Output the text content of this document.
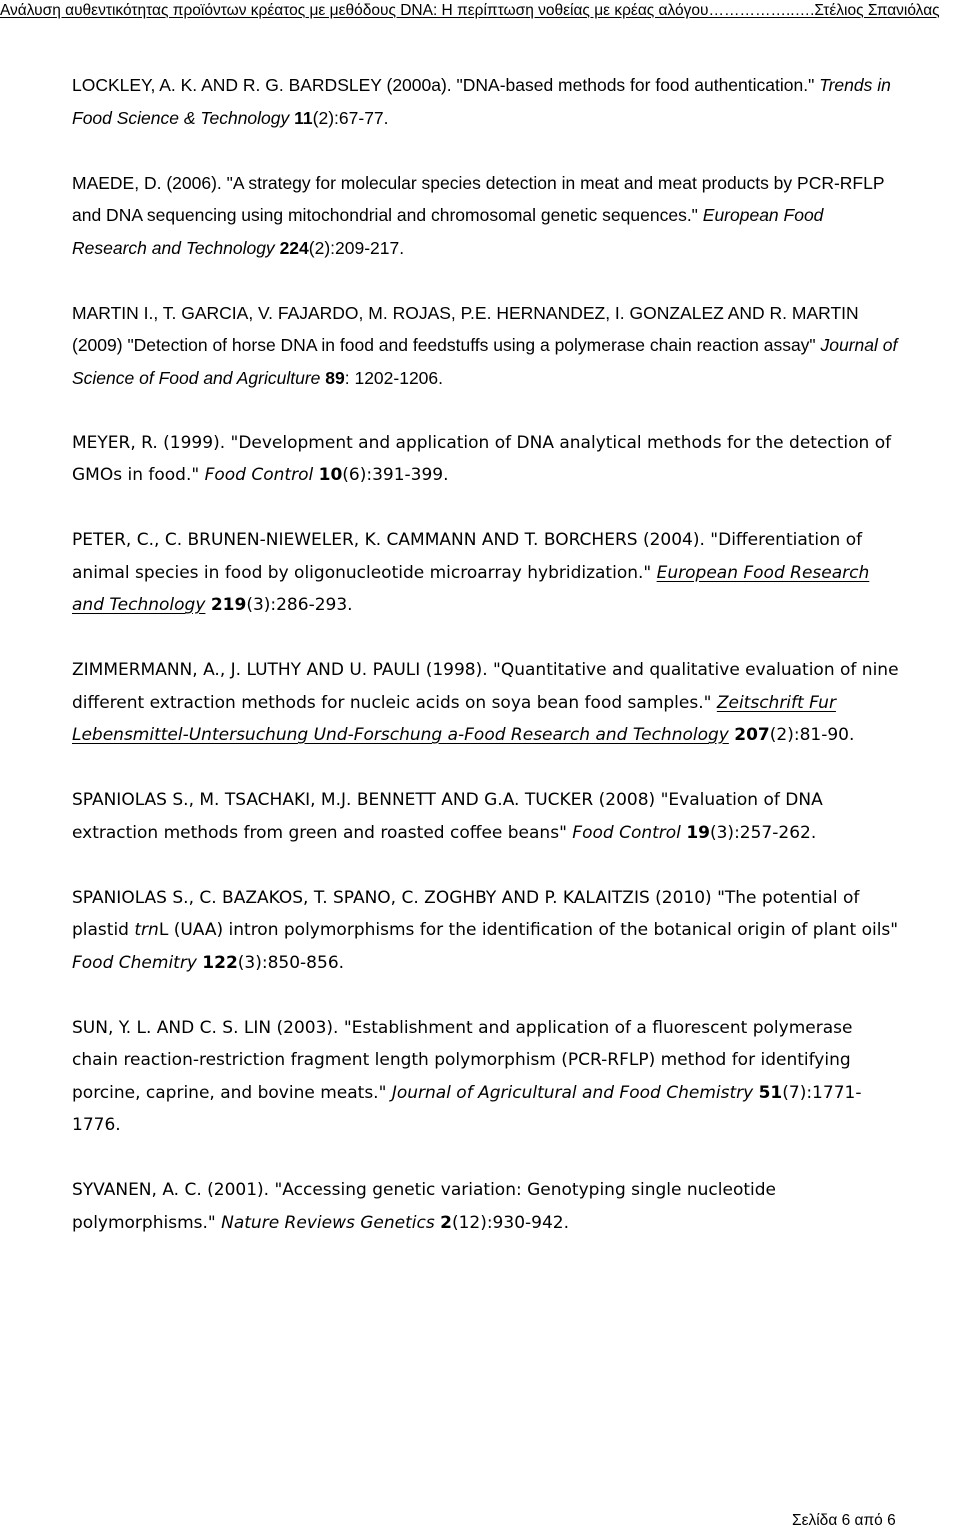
Ανάλυση αυθεντικότητας προϊόντων κρέατος με μεθόδους DNA: Η περίπτωση νοθείας με κρέας αλόγου……………..….Στέλιος Σπανιόλας

LOCKLEY, A. K. AND R. G. BARDSLEY (2000a). "DNA-based methods for food authentication." Trends in Food Science & Technology 11(2):67-77.

MAEDE, D. (2006). "A strategy for molecular species detection in meat and meat products by PCR-RFLP and DNA sequencing using mitochondrial and chromosomal genetic sequences." European Food Research and Technology 224(2):209-217.

MARTIN I., T. GARCIA, V. FAJARDO, M. ROJAS, P.E. HERNANDEZ, I. GONZALEZ AND R. MARTIN (2009) "Detection of horse DNA in food and feedstuffs using a polymerase chain reaction assay" Journal of Science of Food and Agriculture 89: 1202-1206.

MEYER, R. (1999). "Development and application of DNA analytical methods for the detection of GMOs in food." Food Control 10(6):391-399.

PETER, C., C. BRUNEN-NIEWELER, K. CAMMANN AND T. BORCHERS (2004). "Differentiation of animal species in food by oligonucleotide microarray hybridization." European Food Research and Technology 219(3):286-293.

ZIMMERMANN, A., J. LUTHY AND U. PAULI (1998). "Quantitative and qualitative evaluation of nine different extraction methods for nucleic acids on soya bean food samples." Zeitschrift Fur Lebensmittel-Untersuchung Und-Forschung a-Food Research and Technology 207(2):81-90.

SPANIOLAS S., M. TSACHAKI, M.J. BENNETT AND G.A. TUCKER (2008) "Evaluation of DNA extraction methods from green and roasted coffee beans" Food Control 19(3):257-262.

SPANIOLAS S., C. BAZAKOS, T. SPANO, C. ZOGHBY AND P. KALAITZIS (2010) "The potential of plastid trnL (UAA) intron polymorphisms for the identification of the botanical origin of plant oils" Food Chemitry 122(3):850-856.

SUN, Y. L. AND C. S. LIN (2003). "Establishment and application of a fluorescent polymerase chain reaction-restriction fragment length polymorphism (PCR-RFLP) method for identifying porcine, caprine, and bovine meats." Journal of Agricultural and Food Chemistry 51(7):1771-1776.

SYVANEN, A. C. (2001). "Accessing genetic variation: Genotyping single nucleotide polymorphisms." Nature Reviews Genetics 2(12):930-942.

Σελίδα 6 από 6
